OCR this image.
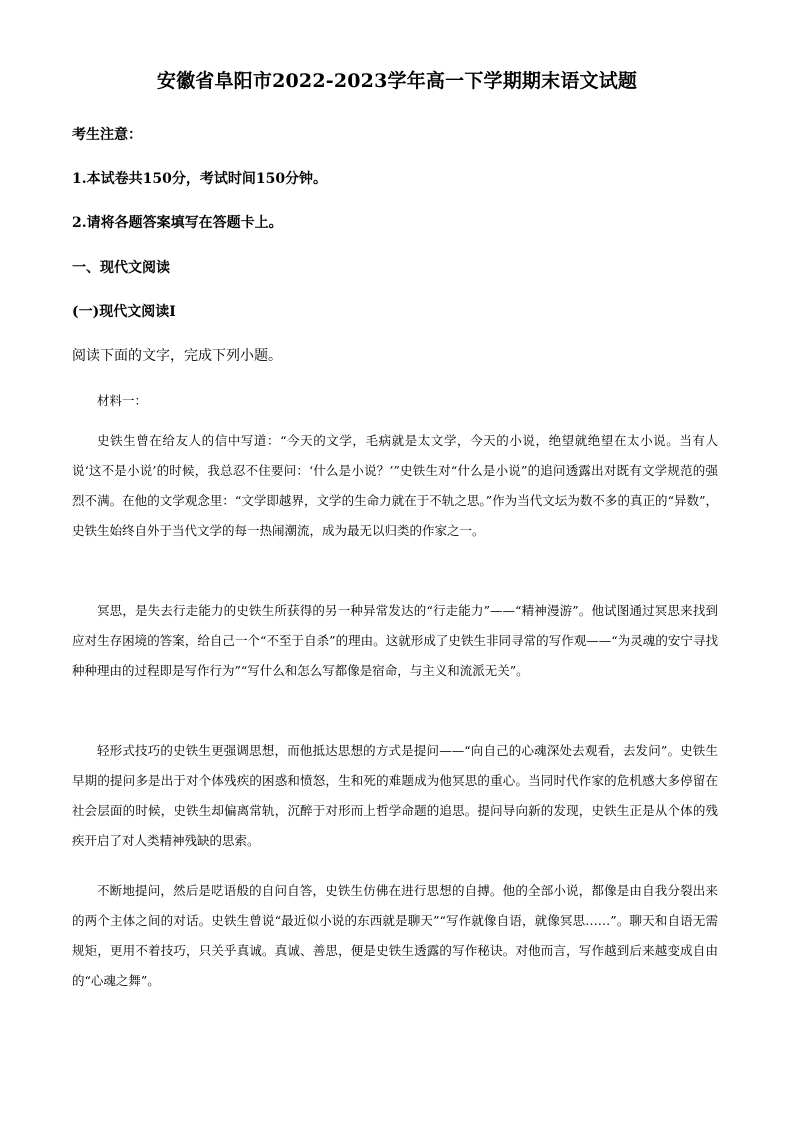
安徽省阜阳市2022-2023学年高一下学期期末语文试题
考生注意：
1.本试卷共150分，考试时间150分钟。
2.请将各题答案填写在答题卡上。
一、现代文阅读
(一)现代文阅读Ⅰ
阅读下面的文字，完成下列小题。
材料一：

史铁生曾在给友人的信中写道：“今天的文学，毛病就是太文学，今天的小说，绝望就绝望在太小说。当有人说‘这不是小说’的时候，我总忍不住要问：‘什么是小说？’”史铁生对“什么是小说”的追问透露出对既有文学规范的强烈不满。在他的文学观念里：“文学即越界，文学的生命力就在于不轨之思。”作为当代文坛为数不多的真正的“异数”，史铁生始终自外于当代文学的每一热闹潮流，成为最无以归类的作家之一。

冥思，是失去行走能力的史铁生所获得的另一种异常发达的“行走能力”——“精神漫游”。他试图通过冥思来找到应对生存困境的答案，给自己一个“不至于自杀”的理由。这就形成了史铁生非同寻常的写作观——“为灵魂的安宁寻找种种理由的过程即是写作行为”“写什么和怎么写都像是宿命，与主义和流派无关”。

轻形式技巧的史铁生更强调思想，而他抵达思想的方式是提问——“向自己的心魂深处去观看，去发问”。史铁生早期的提问多是出于对个体残疾的困惑和愤怒，生和死的难题成为他冥思的重心。当同时代作家的危机感大多停留在社会层面的时候，史铁生却偏离常轨，沉醉于对形而上哲学命题的追思。提问导向新的发现，史铁生正是从个体的残疾开启了对人类精神残缺的思索。

不断地提问，然后是呓语般的自问自答，史铁生仿佛在进行思想的自搏。他的全部小说，都像是由自我分裂出来的两个主体之间的对话。史铁生曾说“最近似小说的东西就是聊天”“写作就像自语，就像冥思……”。聊天和自语无需规矩，更用不着技巧，只关乎真诚。真诚、善思，便是史铁生透露的写作秘诀。对他而言，写作越到后来越变成自由的“心魂之舞”。
